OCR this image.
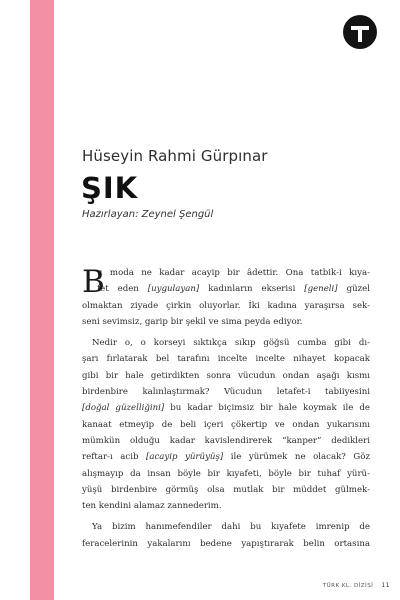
Hüseyin Rahmi Gürpınar
ŞIK

Hazırlayan: Zeynel Şengül

B
u moda ne kadar acayip bir âdettir. Ona tatbik-i kıya-
fet eden [uygulayan] kadınların ekserisi [geneli] güzel
olmaktan ziyade çirkin oluyorlar. İki kadına yaraşırsa sek-
seni sevimsiz, garip bir şekil ve sima peyda ediyor.
Nedir o, o korseyi sıktıkça sıkıp göğsü cumba gibi dı-
şarı fırlatarak bel tarafını incelte incelte nihayet kopacak
gibi bir hale getirdikten sonra vücudun ondan aşağı kısmı
birdenbire kalınlaştırmak? Vücudun letafet-i tabiiyesini
[doğal güzelliğini] bu kadar biçimsiz bir hale koymak ile de
kanaat etmeyip de beli içeri çökertip ve ondan yukarısını
mümkün olduğu kadar kavislendirerek “kanper” dedikleri
reftar-ı acib [acayip yürüyüş] ile yürümek ne olacak? Göz
alışmayıp da insan böyle bir kıyafeti, böyle bir tuhaf yürü-
yüşü birdenbire görmüş olsa mutlak bir müddet gülmek-
ten kendini alamaz zannederim.
Ya bizim hanımefendiler dahi bu kıyafete imrenip de
feracelerinin yakalarını bedene yapıştırarak belin ortasına
TÜRK KL. DİZİSİ 11
